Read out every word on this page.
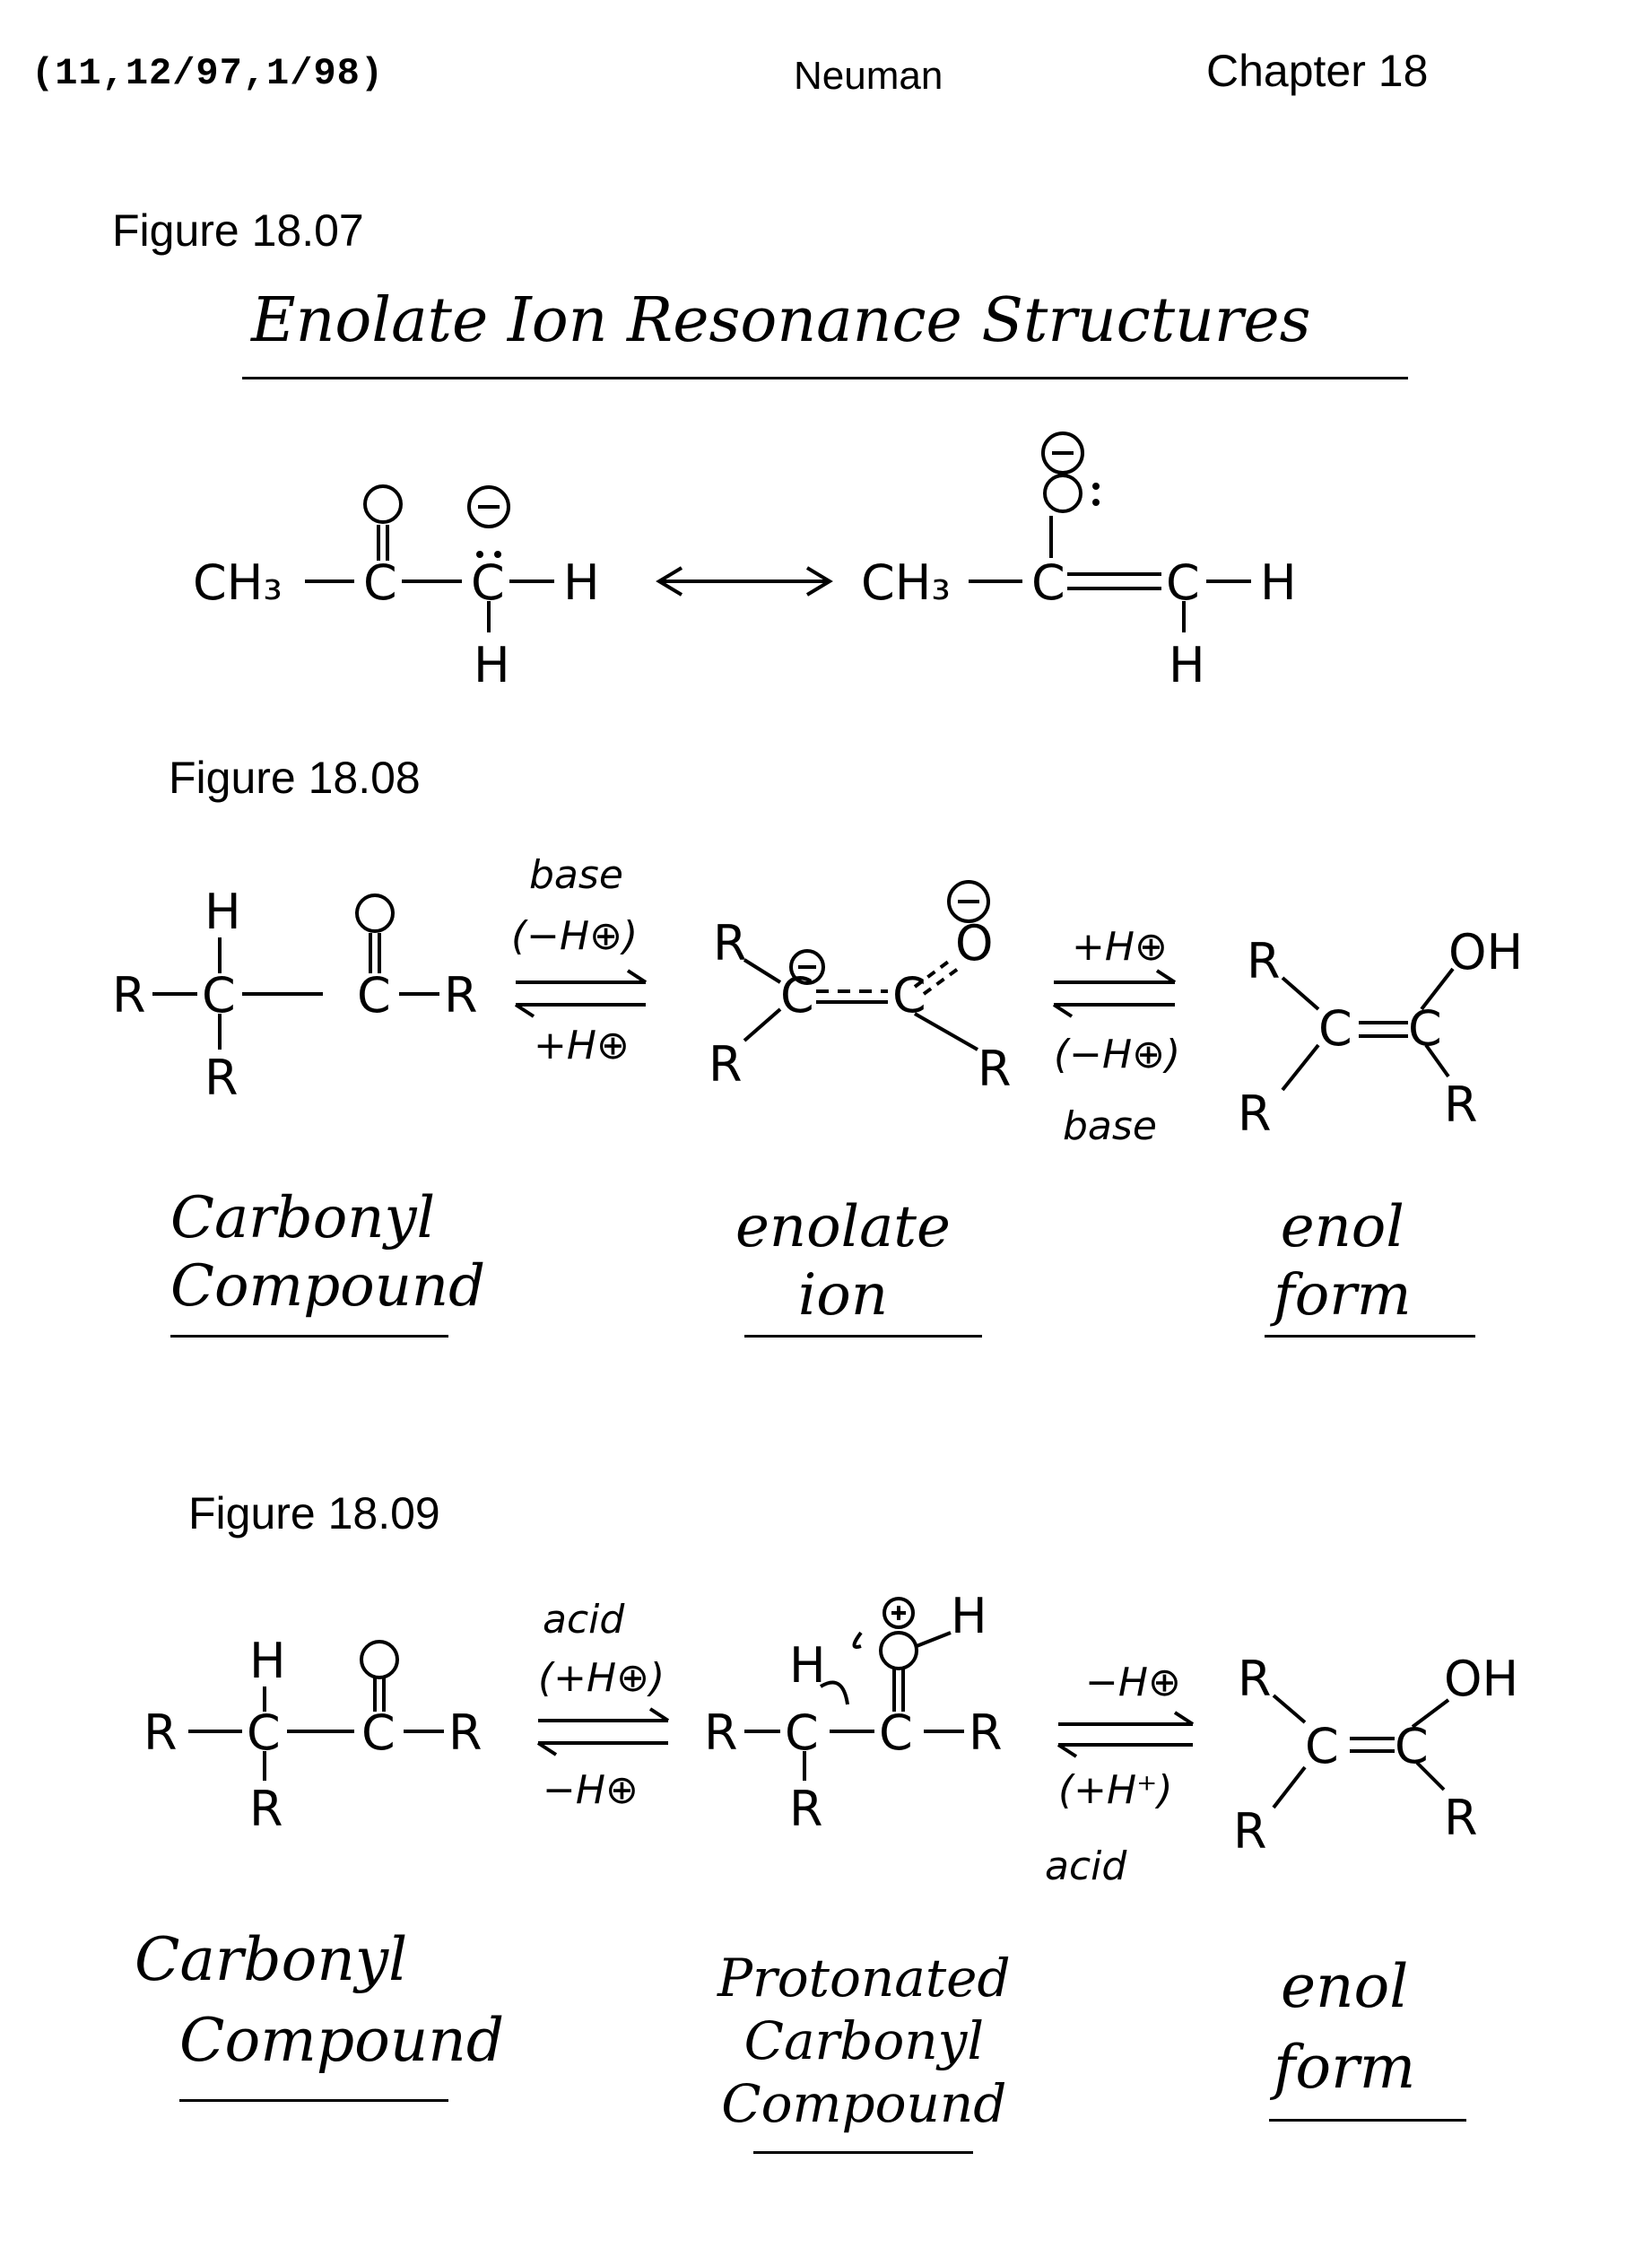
(11,12/97,1/98)	Neuman	Chapter 18
Figure 18.07
Enolate Ion Resonance Structures
CH₃ C C H
H
CH₃ C C H
H
Figure 18.08
R C
H
R
C R
R
C
R
C
O
R
R
C C
OH
R	R
base
(−H⊕)
+H⊕
+H⊕
(−H⊕)
base
Carbonyl
Compound
enolate
ion
enol
form
Figure 18.09
R C
H
R
C R	R C
H
R
C R
H
R
C C
OH
R	R
acid
(+H⊕)
−H⊕
−H⊕
(+H⁺)
acid
Carbonyl
Compound
Protonated
Carbonyl
Compound
enol
form
